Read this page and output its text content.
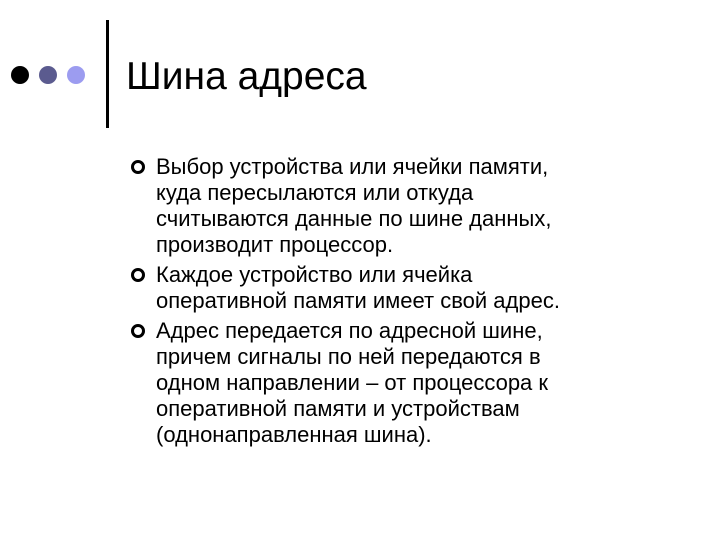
Шина адреса
Выбор устройства или ячейки памяти,
куда пересылаются или откуда
считываются данные по шине данных,
производит процессор.
Каждое устройство или ячейка
оперативной памяти имеет свой адрес.
Адрес передается по адресной шине,
причем сигналы по ней передаются в
одном направлении – от процессора к
оперативной памяти и устройствам
(однонаправленная шина).
